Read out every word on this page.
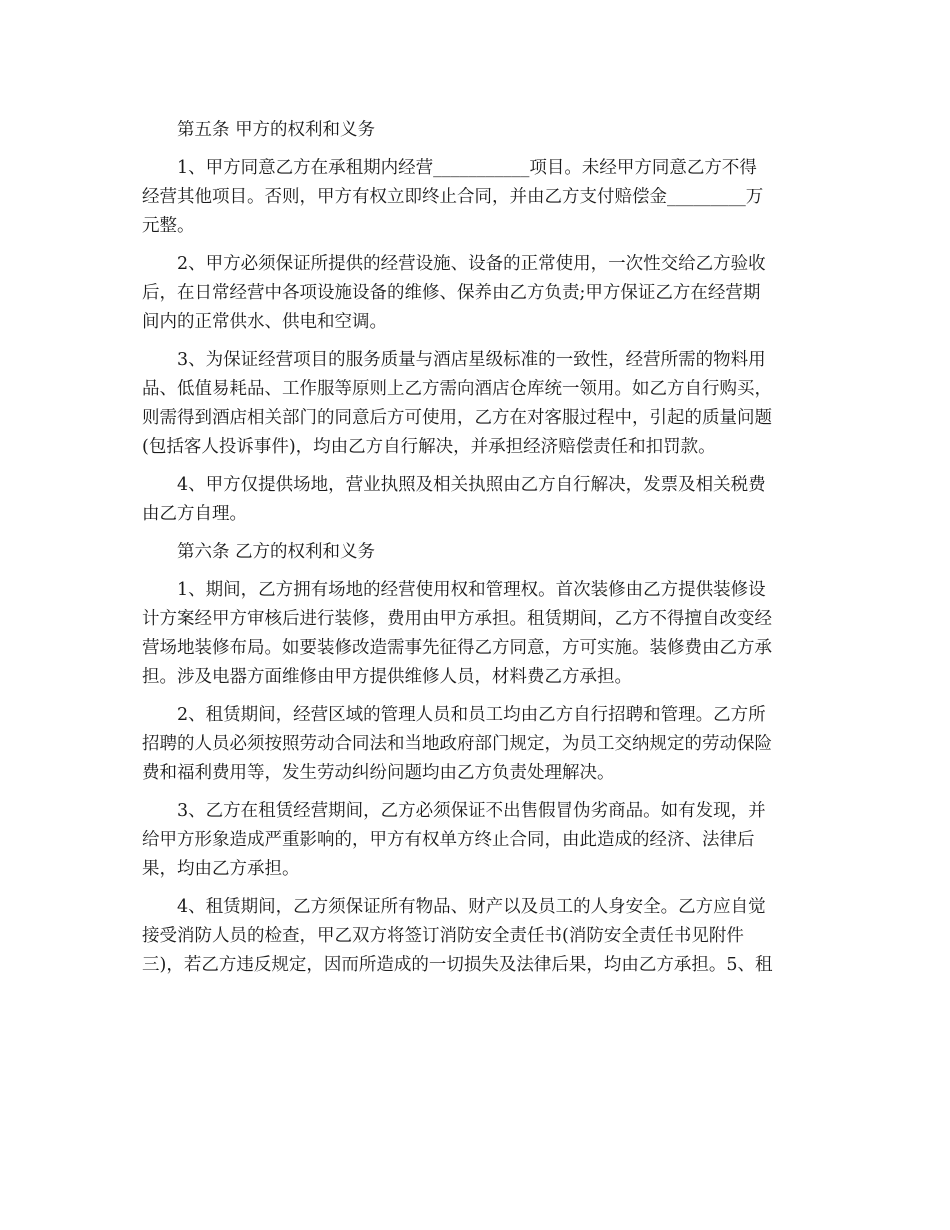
第五条 甲方的权利和义务
1、甲方同意乙方在承租期内经营___________项目。未经甲方同意乙方不得
经营其他项目。否则，甲方有权立即终止合同，并由乙方支付赔偿金_________万
元整。
2、甲方必须保证所提供的经营设施、设备的正常使用，一次性交给乙方验收
后，在日常经营中各项设施设备的维修、保养由乙方负责;甲方保证乙方在经营期
间内的正常供水、供电和空调。
3、为保证经营项目的服务质量与酒店星级标准的一致性，经营所需的物料用
品、低值易耗品、工作服等原则上乙方需向酒店仓库统一领用。如乙方自行购买，
则需得到酒店相关部门的同意后方可使用，乙方在对客服过程中，引起的质量问题
(包括客人投诉事件)，均由乙方自行解决，并承担经济赔偿责任和扣罚款。
4、甲方仅提供场地，营业执照及相关执照由乙方自行解决，发票及相关税费
由乙方自理。
第六条 乙方的权利和义务
1、期间，乙方拥有场地的经营使用权和管理权。首次装修由乙方提供装修设
计方案经甲方审核后进行装修，费用由甲方承担。租赁期间，乙方不得擅自改变经
营场地装修布局。如要装修改造需事先征得乙方同意，方可实施。装修费由乙方承
担。涉及电器方面维修由甲方提供维修人员，材料费乙方承担。
2、租赁期间，经营区域的管理人员和员工均由乙方自行招聘和管理。乙方所
招聘的人员必须按照劳动合同法和当地政府部门规定，为员工交纳规定的劳动保险
费和福利费用等，发生劳动纠纷问题均由乙方负责处理解决。
3、乙方在租赁经营期间，乙方必须保证不出售假冒伪劣商品。如有发现，并
给甲方形象造成严重影响的，甲方有权单方终止合同，由此造成的经济、法律后
果，均由乙方承担。
4、租赁期间，乙方须保证所有物品、财产以及员工的人身安全。乙方应自觉
接受消防人员的检查，甲乙双方将签订消防安全责任书(消防安全责任书见附件
三)，若乙方违反规定，因而所造成的一切损失及法律后果，均由乙方承担。5、租
